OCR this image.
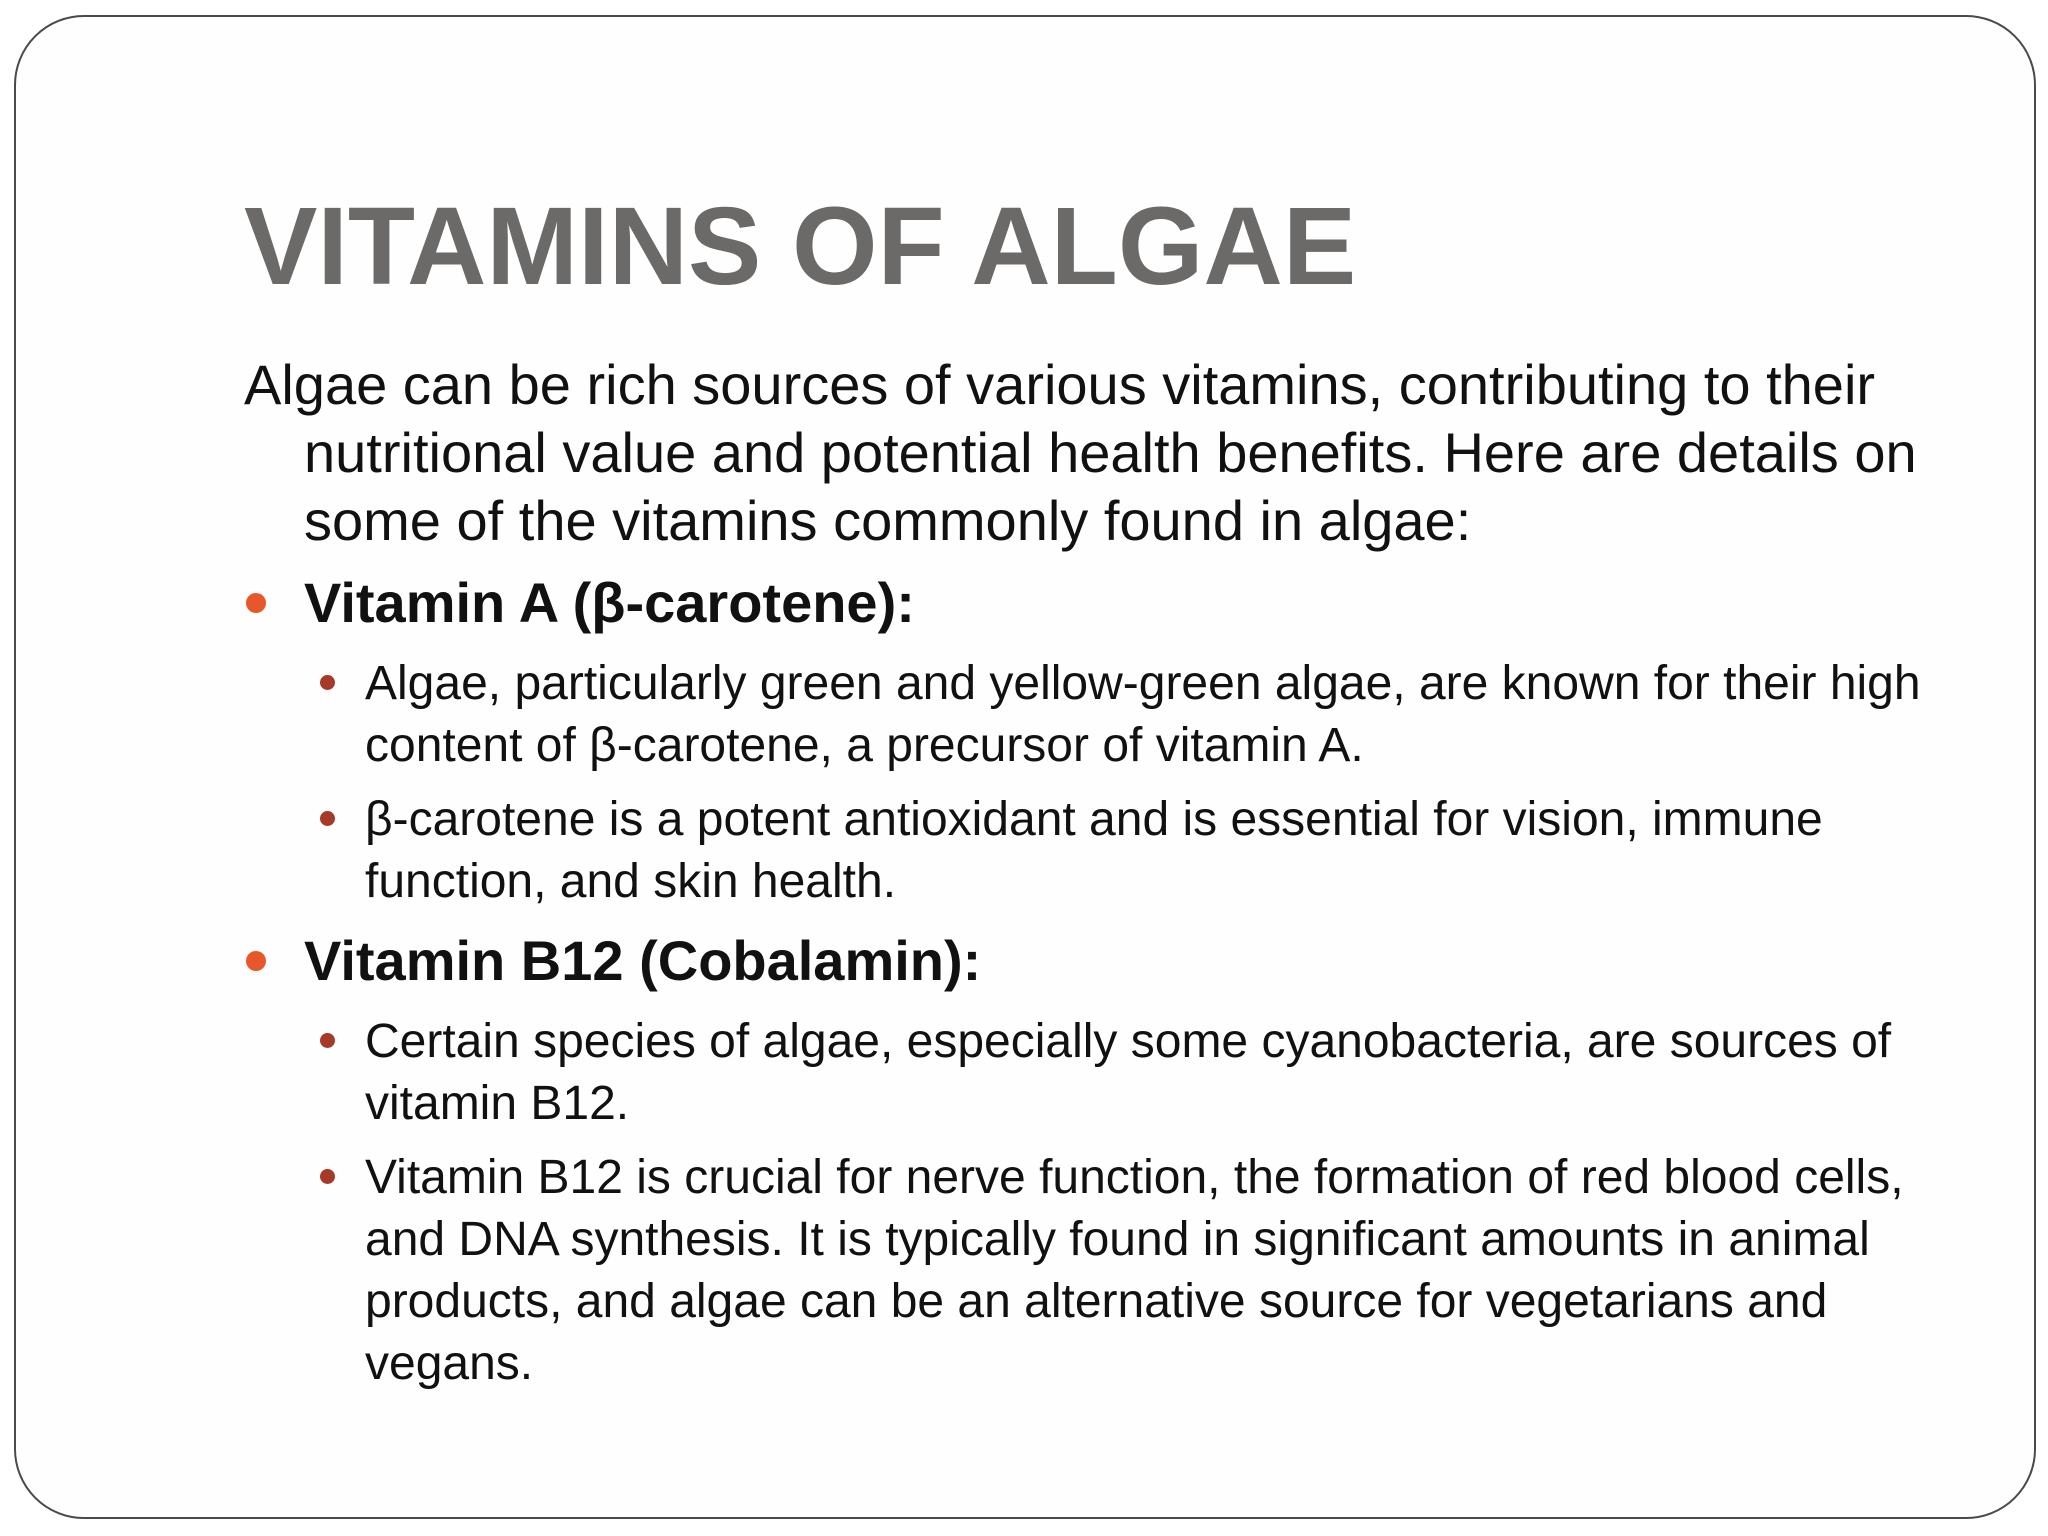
VITAMINS OF ALGAE

Algae can be rich sources of various vitamins, contributing to their nutritional value and potential health benefits. Here are details on some of the vitamins commonly found in algae:

Vitamin A (β-carotene):
Algae, particularly green and yellow-green algae, are known for their high content of β-carotene, a precursor of vitamin A.
β-carotene is a potent antioxidant and is essential for vision, immune function, and skin health.
Vitamin B12 (Cobalamin):
Certain species of algae, especially some cyanobacteria, are sources of vitamin B12.
Vitamin B12 is crucial for nerve function, the formation of red blood cells, and DNA synthesis. It is typically found in significant amounts in animal products, and algae can be an alternative source for vegetarians and vegans.
